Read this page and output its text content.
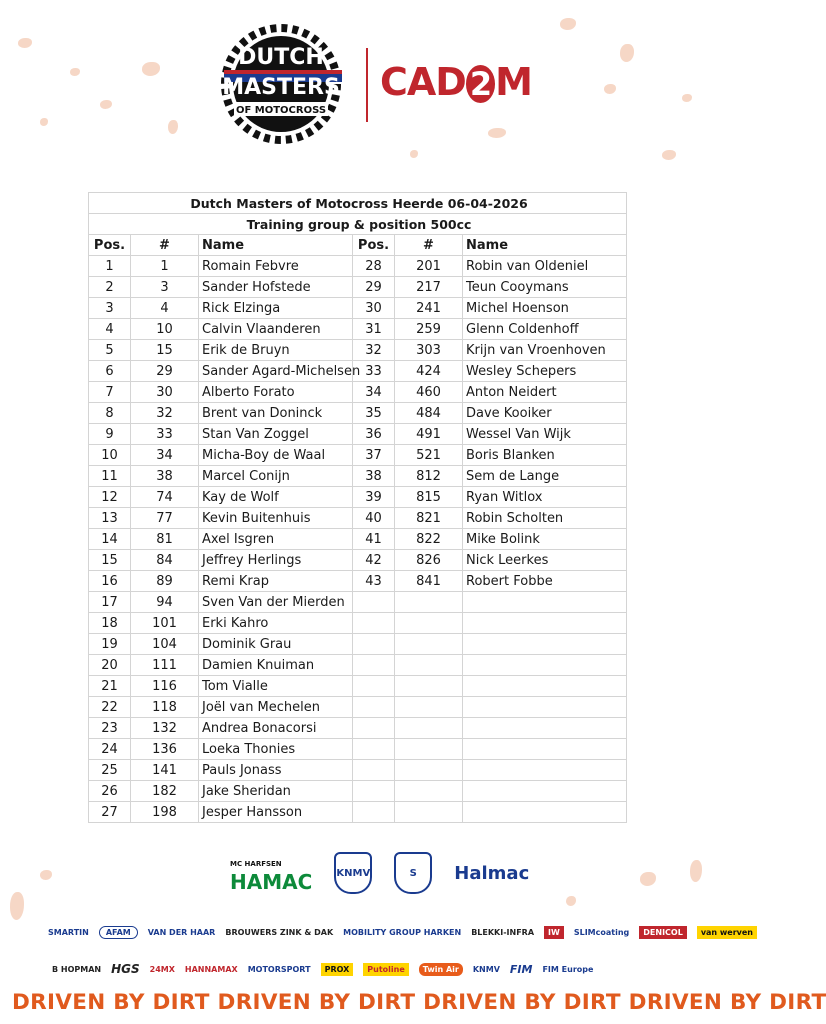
DUTCH
MASTERS
OF MOTOCROSS
CAD 2 M
Dutch Masters of Motocross Heerde 06-04-2026					
Training group & position 500cc					
Pos.	#	Name	Pos.	#	Name
1	1	Romain Febvre	28	201	Robin van Oldeniel
2	3	Sander Hofstede	29	217	Teun Cooymans
3	4	Rick Elzinga	30	241	Michel Hoenson
4	10	Calvin Vlaanderen	31	259	Glenn Coldenhoff
5	15	Erik de Bruyn	32	303	Krijn van Vroenhoven
6	29	Sander Agard-Michelsen	33	424	Wesley Schepers
7	30	Alberto Forato	34	460	Anton Neidert
8	32	Brent van Doninck	35	484	Dave Kooiker
9	33	Stan Van Zoggel	36	491	Wessel Van Wijk
10	34	Micha-Boy de Waal	37	521	Boris Blanken
11	38	Marcel Conijn	38	812	Sem de Lange
12	74	Kay de Wolf	39	815	Ryan Witlox
13	77	Kevin Buitenhuis	40	821	Robin Scholten
14	81	Axel Isgren	41	822	Mike Bolink
15	84	Jeffrey Herlings	42	826	Nick Leerkes
16	89	Remi Krap	43	841	Robert Fobbe
17	94	Sven Van der Mierden			
18	101	Erki Kahro			
19	104	Dominik Grau			
20	111	Damien Knuiman			
21	116	Tom Vialle			
22	118	Joël van Mechelen			
23	132	Andrea Bonacorsi			
24	136	Loeka Thonies			
25	141	Pauls Jonass			
26	182	Jake Sheridan			
27	198	Jesper Hansson			
MC HARFSEN
HAMAC KNMV	S	Halmac
SMARTIN	AFAM	VAN DER HAAR BROUWERS ZINK & DAK MOBILITY GROUP HARKEN BLEKKI-INFRA	IW	SLIMcoating	DENICOL	van werven
B HOPMAN HGS 24MX HANNAMAX MOTORSPORT	PROX	Putoline	Twin Air	KNMV FIM FIM Europe
DRIVEN BY DIRT DRIVEN BY DIRT DRIVEN BY DIRT DRIVEN BY DIRT
